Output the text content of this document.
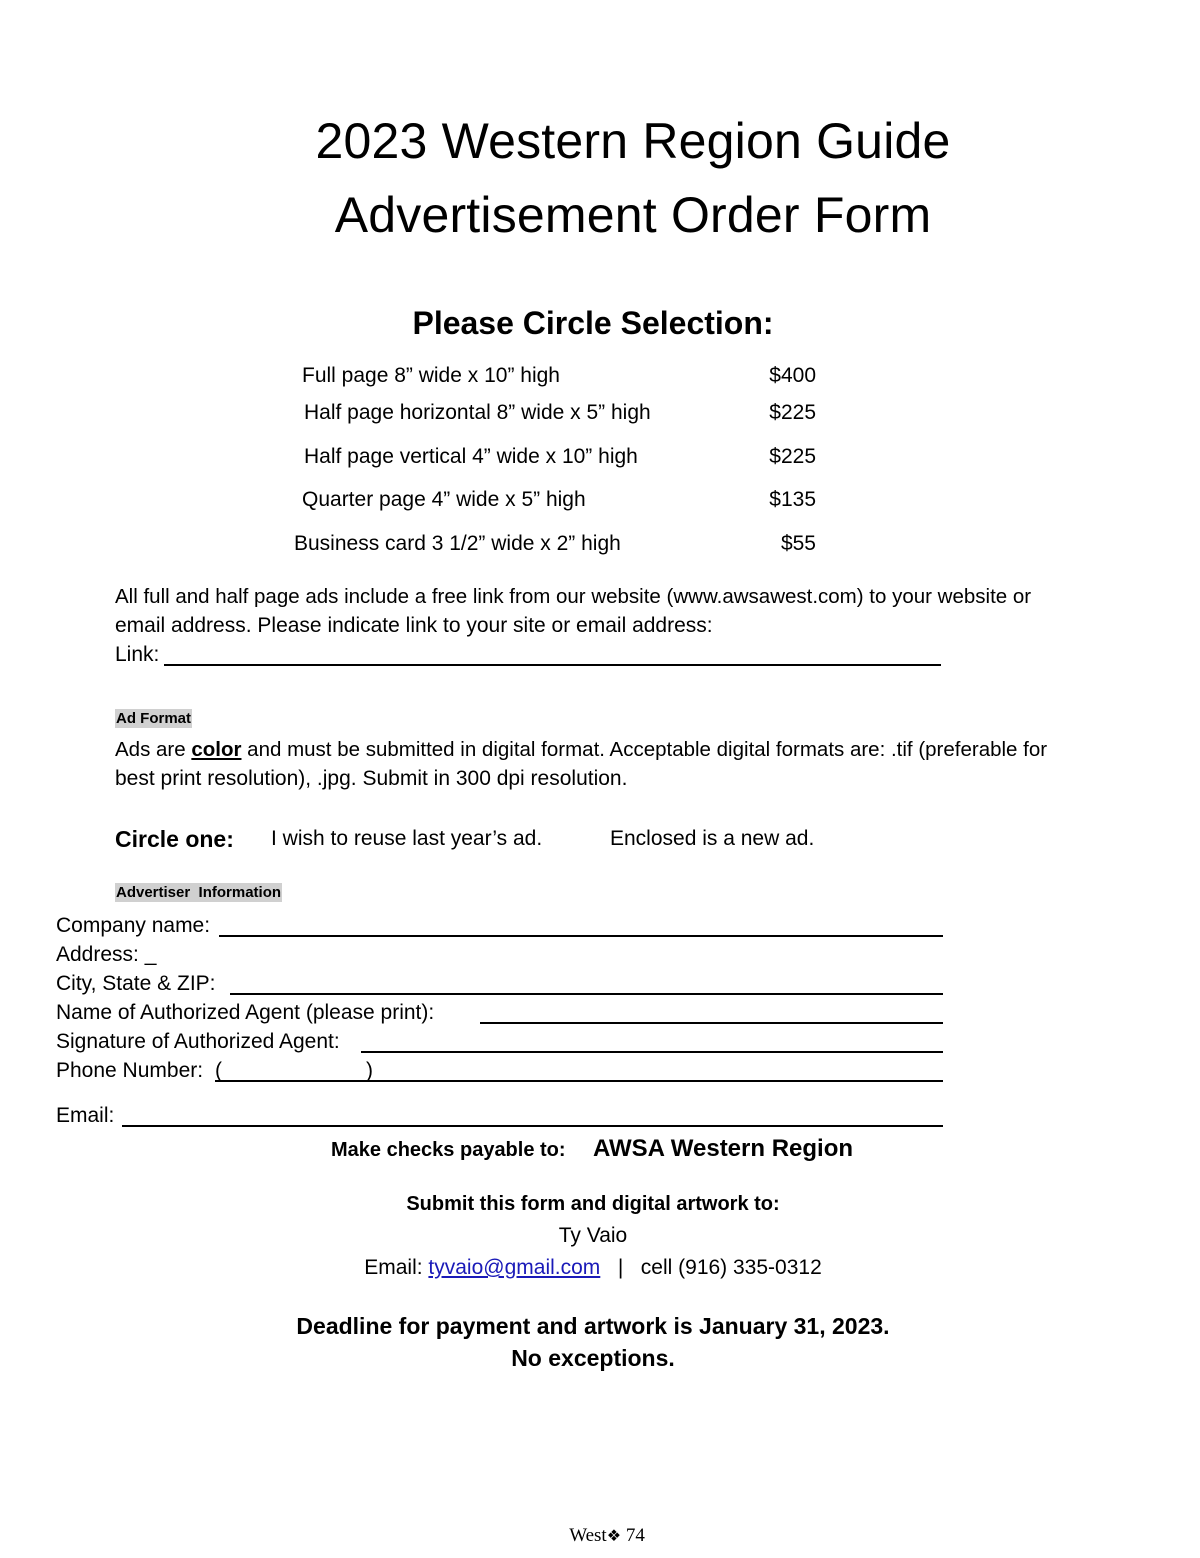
2023 Western Region Guide
Advertisement Order Form
Please Circle Selection:
Full page 8” wide x 10” high	$400
Half page horizontal 8” wide x 5” high	$225
Half page vertical 4” wide x 10” high	$225
Quarter page 4” wide x 5” high	$135
Business card 3 1/2” wide x 2” high	$55
All full and half page ads include a free link from our website (www.awsawest.com) to your website or
email address. Please indicate link to your site or email address:
Link:
Ad Format
Ads are color and must be submitted in digital format. Acceptable digital formats are: .tif (preferable for
best print resolution), .jpg. Submit in 300 dpi resolution.
Circle one: I wish to reuse last year’s ad.	Enclosed is a new ad.
Advertiser  Information
Company name:
Address: _
City, State & ZIP:
Name of Authorized Agent (please print):
Signature of Authorized Agent:
Phone Number: (	)
Email:
Make checks payable to: AWSA Western Region
Submit this form and digital artwork to:
Ty Vaio
Email: tyvaio@gmail.com | cell (916) 335-0312
Deadline for payment and artwork is January 31, 2023.
No exceptions.
West❖ 74
